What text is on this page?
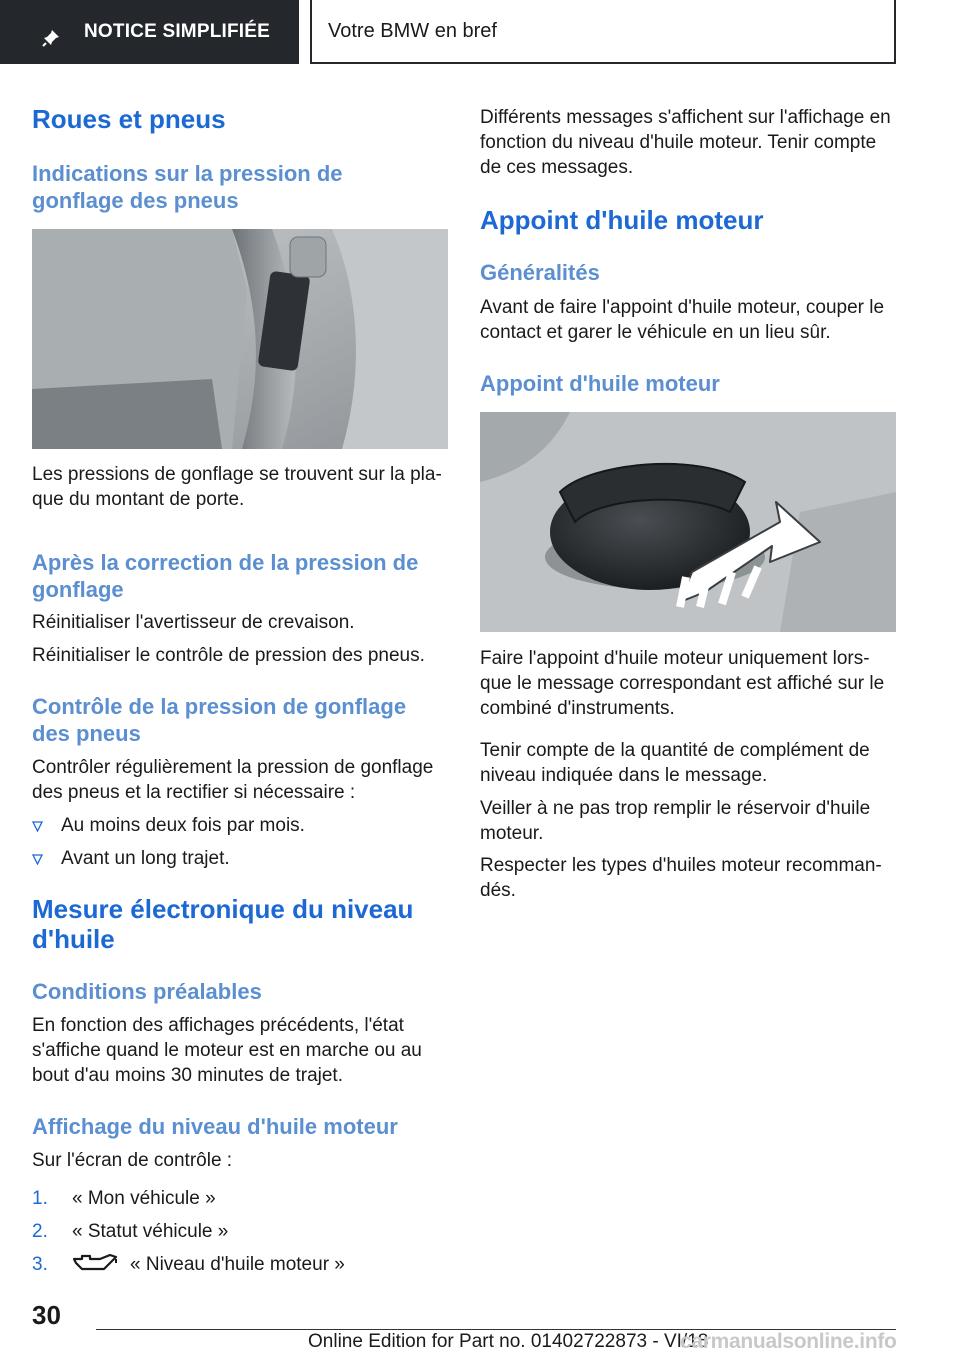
NOTICE SIMPLIFIÉE	Votre BMW en bref
Roues et pneus
Indications sur la pression de gonflage des pneus

Les pressions de gonflage se trouvent sur la pla‐ que du montant de porte.

Après la correction de la pression de gonflage

Réinitialiser l'avertisseur de crevaison.

Réinitialiser le contrôle de pression des pneus.

Contrôle de la pression de gonflage des pneus

Contrôler régulièrement la pression de gonflage des pneus et la rectifier si nécessaire :

Au moins deux fois par mois.
Avant un long trajet.
Mesure électronique du niveau d'huile
Conditions préalables

En fonction des affichages précédents, l'état s'affiche quand le moteur est en marche ou au bout d'au moins 30 minutes de trajet.

Affichage du niveau d'huile moteur

Sur l'écran de contrôle :

1. « Mon véhicule »
2. « Statut véhicule »
3.	« Niveau d'huile moteur »

Différents messages s'affichent sur l'affichage en fonction du niveau d'huile moteur. Tenir compte de ces messages.

Appoint d'huile moteur
Généralités

Avant de faire l'appoint d'huile moteur, couper le contact et garer le véhicule en un lieu sûr.

Appoint d'huile moteur

Faire l'appoint d'huile moteur uniquement lors‐ que le message correspondant est affiché sur le combiné d'instruments.

Tenir compte de la quantité de complément de niveau indiquée dans le message.

Veiller à ne pas trop remplir le réservoir d'huile moteur.

Respecter les types d'huiles moteur recomman‐ dés.

30
Online Edition for Part no. 01402722873 - VI/18
carmanualsonline.info
